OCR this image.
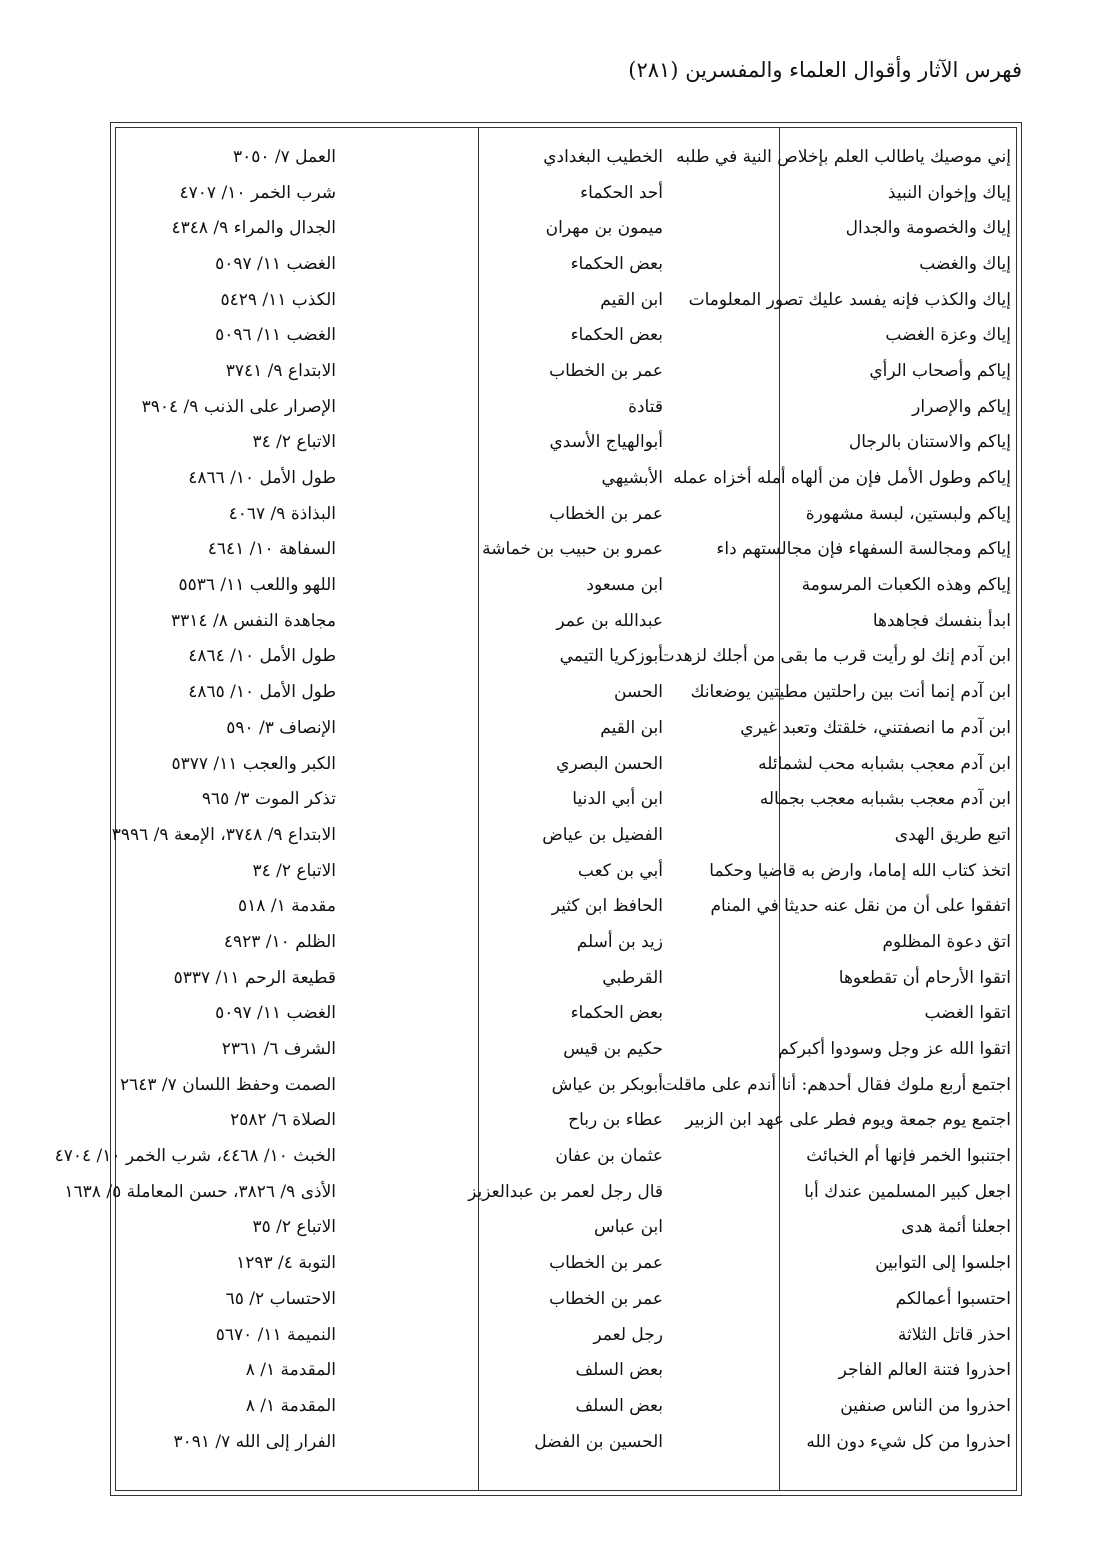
فهرس الآثار وأقوال العلماء والمفسرين (٢٨١)
إني موصيك ياطالب العلم بإخلاص النية في طلبه
الخطيب البغدادي
العمل ٧/ ٣٠٥٠
إياك وإخوان النبيذ
أحد الحكماء
شرب الخمر ١٠/ ٤٧٠٧
إياك والخصومة والجدال
ميمون بن مهران
الجدال والمراء ٩/ ٤٣٤٨
إياك والغضب
بعض الحكماء
الغضب ١١/ ٥٠٩٧
إياك والكذب فإنه يفسد عليك تصور المعلومات
ابن القيم
الكذب ١١/ ٥٤٢٩
إياك وعزة الغضب
بعض الحكماء
الغضب ١١/ ٥٠٩٦
إياكم وأصحاب الرأي
عمر بن الخطاب
الابتداع ٩/ ٣٧٤١
إياكم والإصرار
قتادة
الإصرار على الذنب ٩/ ٣٩٠٤
إياكم والاستنان بالرجال
أبوالهياج الأسدي
الاتباع ٢/ ٣٤
إياكم وطول الأمل فإن من ألهاه أمله أخزاه عمله
الأبشيهي
طول الأمل ١٠/ ٤٨٦٦
إياكم ولبستين، لبسة مشهورة
عمر بن الخطاب
البذاذة ٩/ ٤٠٦٧
إياكم ومجالسة السفهاء فإن مجالستهم داء
عمرو بن حبيب بن خماشة
السفاهة ١٠/ ٤٦٤١
إياكم وهذه الكعبات المرسومة
ابن مسعود
اللهو واللعب ١١/ ٥٥٣٦
ابدأ بنفسك فجاهدها
عبدالله بن عمر
مجاهدة النفس ٨/ ٣٣١٤
ابن آدم إنك لو رأيت قرب ما بقى من أجلك لزهدت
أبوزكريا التيمي
طول الأمل ١٠/ ٤٨٦٤
ابن آدم إنما أنت بين راحلتين مطيتين يوضعانك
الحسن
طول الأمل ١٠/ ٤٨٦٥
ابن آدم ما انصفتني، خلقتك وتعبد غيري
ابن القيم
الإنصاف ٣/ ٥٩٠
ابن آدم معجب بشبابه محب لشمائله
الحسن البصري
الكبر والعجب ١١/ ٥٣٧٧
ابن آدم معجب بشبابه معجب بجماله
ابن أبي الدنيا
تذكر الموت ٣/ ٩٦٥
اتبع طريق الهدى
الفضيل بن عياض
الابتداع ٩/ ٣٧٤٨، الإمعة ٩/ ٣٩٩٦
اتخذ كتاب الله إماما، وارض به قاضيا وحكما
أبي بن كعب
الاتباع ٢/ ٣٤
اتفقوا على أن من نقل عنه حديثا في المنام
الحافظ ابن كثير
مقدمة ١/ ٥١٨
اتق دعوة المظلوم
زيد بن أسلم
الظلم ١٠/ ٤٩٢٣
اتقوا الأرحام أن تقطعوها
القرطبي
قطيعة الرحم ١١/ ٥٣٣٧
اتقوا الغضب
بعض الحكماء
الغضب ١١/ ٥٠٩٧
اتقوا الله عز وجل وسودوا أكبركم
حكيم بن قيس
الشرف ٦/ ٢٣٦١
اجتمع أربع ملوك فقال أحدهم: أنا أندم على ماقلت
أبوبكر بن عياش
الصمت وحفظ اللسان ٧/ ٢٦٤٣
اجتمع يوم جمعة ويوم فطر على عهد ابن الزبير
عطاء بن رباح
الصلاة ٦/ ٢٥٨٢
اجتنبوا الخمر فإنها أم الخبائث
عثمان بن عفان
الخبث ١٠/ ٤٤٦٨، شرب الخمر ١٠/ ٤٧٠٤
اجعل كبير المسلمين عندك أبا
قال رجل لعمر بن عبدالعزيز
الأذى ٩/ ٣٨٢٦، حسن المعاملة ٥/ ١٦٣٨
اجعلنا أئمة هدى
ابن عباس
الاتباع ٢/ ٣٥
اجلسوا إلى التوابين
عمر بن الخطاب
التوبة ٤/ ١٢٩٣
احتسبوا أعمالكم
عمر بن الخطاب
الاحتساب ٢/ ٦٥
احذر قاتل الثلاثة
رجل لعمر
النميمة ١١/ ٥٦٧٠
احذروا فتنة العالم الفاجر
بعض السلف
المقدمة ١/ ٨
احذروا من الناس صنفين
بعض السلف
المقدمة ١/ ٨
احذروا من كل شيء دون الله
الحسين بن الفضل
الفرار إلى الله ٧/ ٣٠٩١
